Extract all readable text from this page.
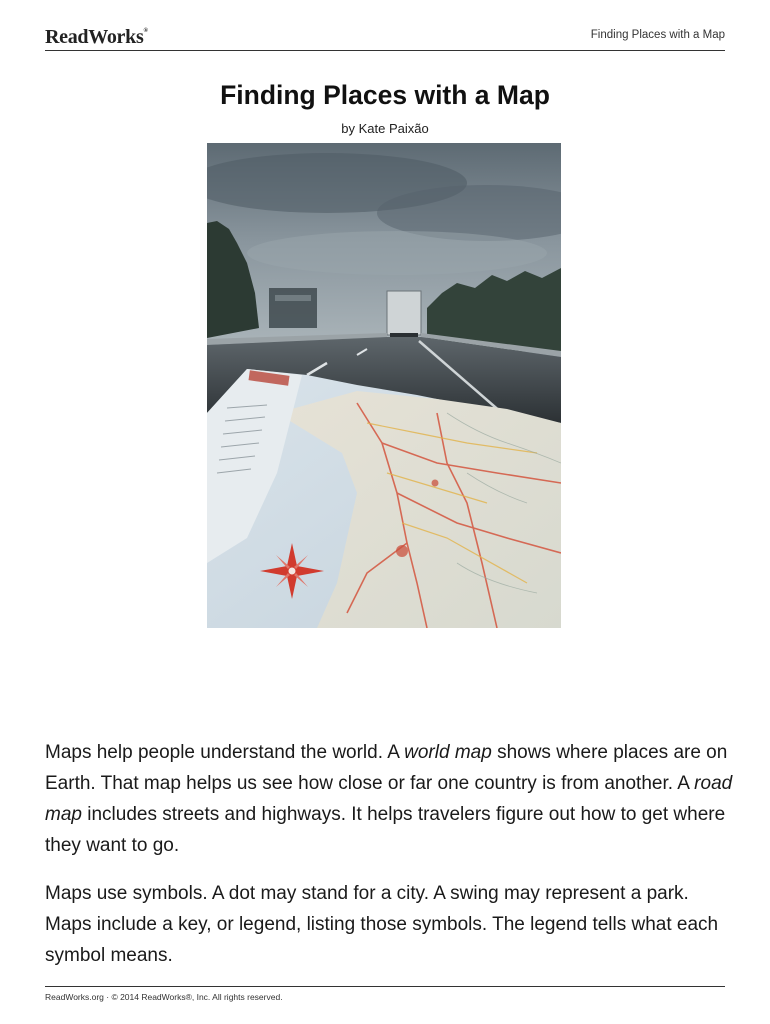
ReadWorks®	Finding Places with a Map
Finding Places with a Map
by Kate Paixão
Maps help people understand the world. A world map shows where places are on Earth. That map helps us see how close or far one country is from another. A road map includes streets and highways. It helps travelers figure out how to get where they want to go.
Maps use symbols. A dot may stand for a city. A swing may represent a park. Maps include a key, or legend, listing those symbols. The legend tells what each symbol means.
ReadWorks.org · © 2014 ReadWorks®, Inc. All rights reserved.
